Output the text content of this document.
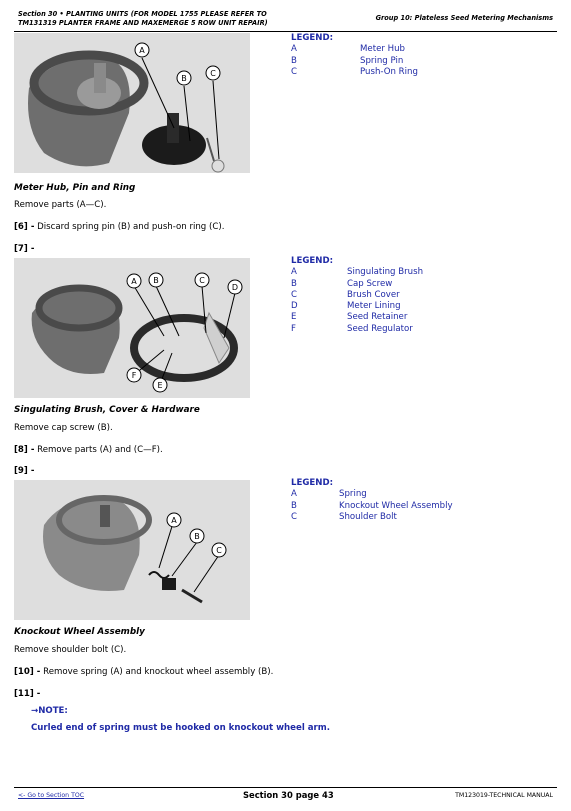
Section 30 • PLANTING UNITS (FOR MODEL 1755 PLEASE REFER TO TM131319 PLANTER FRAME AND MAXEMERGE 5 ROW UNIT REPAIR)
Group 10: Plateless Seed Metering Mechanisms
A
B
C
LEGEND:
A	Meter Hub
B	Spring Pin
C	Push-On Ring
Meter Hub, Pin and Ring
Remove parts (A—C).
[6] - Discard spring pin (B) and push-on ring (C).
[7] -
A B	C
D
E
F
LEGEND:
A	Singulating Brush
B	Cap Screw
C	Brush Cover
D	Meter Lining
E	Seed Retainer
F	Seed Regulator
Singulating Brush, Cover & Hardware
Remove cap screw (B).
[8] - Remove parts (A) and (C—F).
[9] -
A
B
C
LEGEND:
A	Spring
B	Knockout Wheel Assembly
C	Shoulder Bolt
Knockout Wheel Assembly
Remove shoulder bolt (C).
[10] - Remove spring (A) and knockout wheel assembly (B).
[11] -
→NOTE:
Curled end of spring must be hooked on knockout wheel arm.
<- Go to Section TOC	Section 30 page 43	TM123019-TECHNICAL MANUAL
